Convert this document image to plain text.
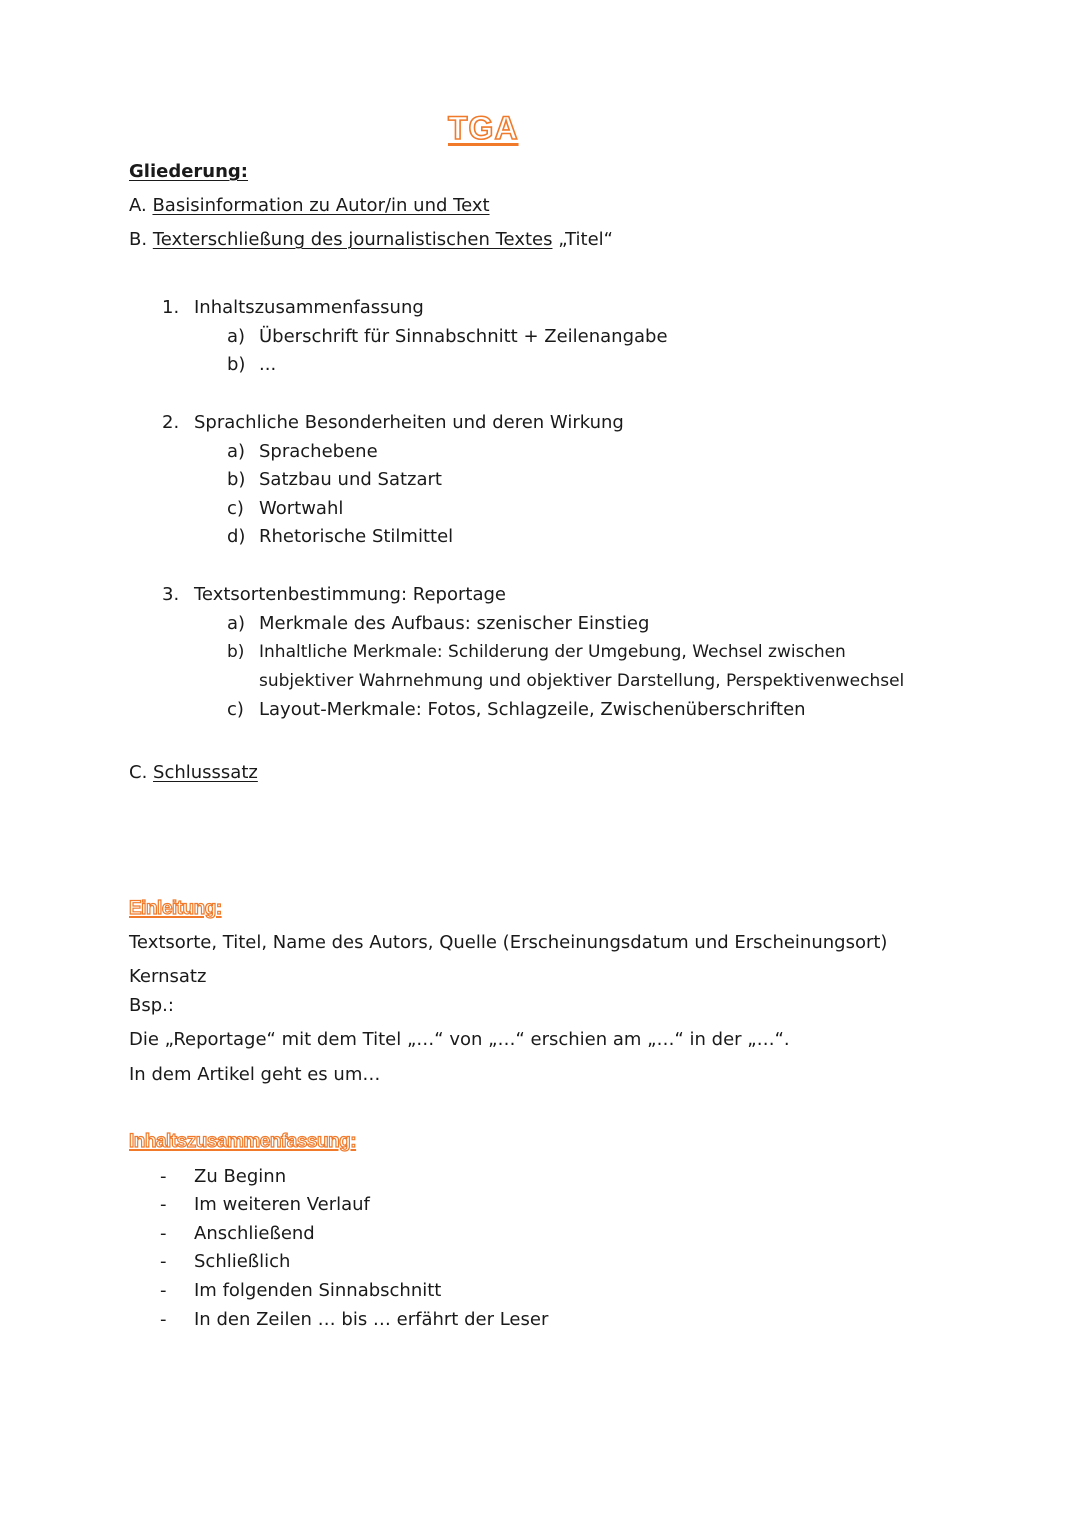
TGA
Gliederung:
A. Basisinformation zu Autor/in und Text
B. Texterschließung des journalistischen Textes „Titel“
1. Inhaltszusammenfassung
a) Überschrift für Sinnabschnitt + Zeilenangabe
b) ...
2. Sprachliche Besonderheiten und deren Wirkung
a) Sprachebene
b) Satzbau und Satzart
c) Wortwahl
d) Rhetorische Stilmittel
3. Textsortenbestimmung: Reportage
a) Merkmale des Aufbaus: szenischer Einstieg
b) Inhaltliche Merkmale: Schilderung der Umgebung, Wechsel zwischen
subjektiver Wahrnehmung und objektiver Darstellung, Perspektivenwechsel
c) Layout-Merkmale: Fotos, Schlagzeile, Zwischenüberschriften
C. Schlusssatz
Einleitung:
Textsorte, Titel, Name des Autors, Quelle (Erscheinungsdatum und Erscheinungsort)
Kernsatz
Bsp.:
Die „Reportage“ mit dem Titel „…“ von „…“ erschien am „…“ in der „…“.
In dem Artikel geht es um…
Inhaltszusammenfassung:
- Zu Beginn
- Im weiteren Verlauf
- Anschließend
- Schließlich
- Im folgenden Sinnabschnitt
- In den Zeilen … bis … erfährt der Leser
